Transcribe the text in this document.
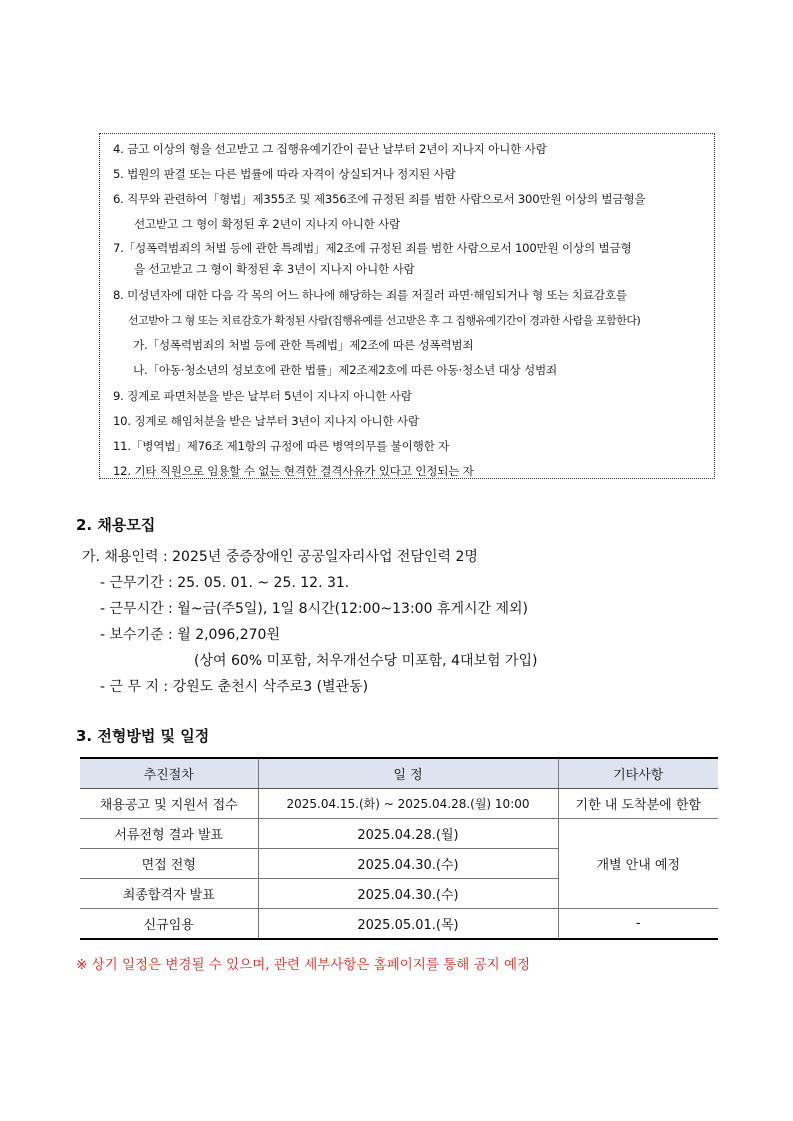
4. 금고 이상의 형을 선고받고 그 집행유예기간이 끝난 날부터 2년이 지나지 아니한 사람
5. 법원의 판결 또는 다른 법률에 따라 자격이 상실되거나 정지된 사람
6. 직무와 관련하여「형법」제355조 및 제356조에 규정된 죄를 범한 사람으로서 300만원 이상의 벌금형을
선고받고 그 형이 확정된 후 2년이 지나지 아니한 사람
7.「성폭력범죄의 처벌 등에 관한 특례법」제2조에 규정된 죄를 범한 사람으로서 100만원 이상의 벌금형
을 선고받고 그 형이 확정된 후 3년이 지나지 아니한 사람
8. 미성년자에 대한 다음 각 목의 어느 하나에 해당하는 죄를 저질러 파면·해임되거나 형 또는 치료감호를
선고받아 그 형 또는 치료감호가 확정된 사람(집행유예를 선고받은 후 그 집행유예기간이 경과한 사람을 포함한다)
가.「성폭력범죄의 처벌 등에 관한 특례법」제2조에 따른 성폭력범죄
나.「아동·청소년의 성보호에 관한 법률」제2조제2호에 따른 아동·청소년 대상 성범죄
9. 징계로 파면처분을 받은 날부터 5년이 지나지 아니한 사람
10. 징계로 해임처분을 받은 날부터 3년이 지나지 아니한 사람
11.「병역법」제76조 제1항의 규정에 따른 병역의무를 불이행한 자
12. 기타 직원으로 임용할 수 없는 현격한 결격사유가 있다고 인정되는 자
2. 채용모집
가. 채용인력 : 2025년 중증장애인 공공일자리사업 전담인력 2명
- 근무기간 : 25. 05. 01. ~ 25. 12. 31.
- 근무시간 : 월~금(주5일), 1일 8시간(12:00~13:00 휴게시간 제외)
- 보수기준 : 월 2,096,270원
(상여 60% 미포함, 처우개선수당 미포함, 4대보험 가입)
- 근 무 지 : 강원도 춘천시 삭주로3 (별관동)
3. 전형방법 및 일정
추진절차	일 정	기타사항
채용공고 및 지원서 접수	2025.04.15.(화) ~ 2025.04.28.(월) 10:00	기한 내 도착분에 한함
서류전형 결과 발표	2025.04.28.(월)	개별 안내 예정
면접 전형	2025.04.30.(수)	
최종합격자 발표	2025.04.30.(수)	
신규임용	2025.05.01.(목)	-
※ 상기 일정은 변경될 수 있으며, 관련 세부사항은 홈페이지를 통해 공지 예정
